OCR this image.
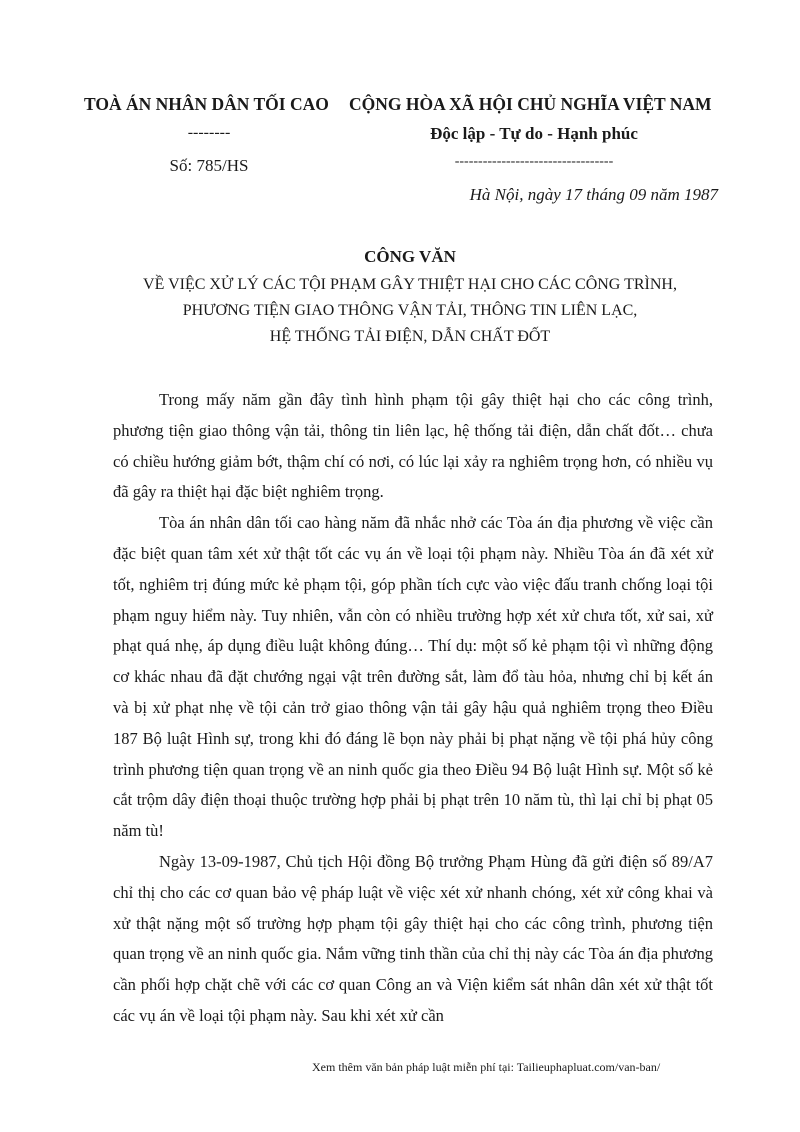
TOÀ ÁN NHÂN DÂN TỐI CAO
--------
Số: 785/HS
CỘNG HÒA XÃ HỘI CHỦ NGHĨA VIỆT NAM
Độc lập - Tự do - Hạnh phúc
----------------------------------
Hà Nội, ngày 17 tháng 09 năm 1987
CÔNG VĂN
VỀ VIỆC XỬ LÝ CÁC TỘI PHẠM GÂY THIỆT HẠI CHO CÁC CÔNG TRÌNH,
PHƯƠNG TIỆN GIAO THÔNG VẬN TẢI, THÔNG TIN LIÊN LẠC,
HỆ THỐNG TẢI ĐIỆN, DẪN CHẤT ĐỐT

Trong mấy năm gần đây tình hình phạm tội gây thiệt hại cho các công trình, phương tiện giao thông vận tải, thông tin liên lạc, hệ thống tải điện, dẫn chất đốt… chưa có chiều hướng giảm bớt, thậm chí có nơi, có lúc lại xảy ra nghiêm trọng hơn, có nhiều vụ đã gây ra thiệt hại đặc biệt nghiêm trọng.

Tòa án nhân dân tối cao hàng năm đã nhắc nhở các Tòa án địa phương về việc cần đặc biệt quan tâm xét xử thật tốt các vụ án về loại tội phạm này. Nhiều Tòa án đã xét xử tốt, nghiêm trị đúng mức kẻ phạm tội, góp phần tích cực vào việc đấu tranh chống loại tội phạm nguy hiểm này. Tuy nhiên, vẫn còn có nhiều trường hợp xét xử chưa tốt, xử sai, xử phạt quá nhẹ, áp dụng điều luật không đúng… Thí dụ: một số kẻ phạm tội vì những động cơ khác nhau đã đặt chướng ngại vật trên đường sắt, làm đổ tàu hỏa, nhưng chỉ bị kết án và bị xử phạt nhẹ về tội cản trở giao thông vận tải gây hậu quả nghiêm trọng theo Điều 187 Bộ luật Hình sự, trong khi đó đáng lẽ bọn này phải bị phạt nặng về tội phá hủy công trình phương tiện quan trọng về an ninh quốc gia theo Điều 94 Bộ luật Hình sự. Một số kẻ cắt trộm dây điện thoại thuộc trường hợp phải bị phạt trên 10 năm tù, thì lại chỉ bị phạt 05 năm tù!

Ngày 13-09-1987, Chủ tịch Hội đồng Bộ trưởng Phạm Hùng đã gửi điện số 89/A7 chỉ thị cho các cơ quan bảo vệ pháp luật về việc xét xử nhanh chóng, xét xử công khai và xử thật nặng một số trường hợp phạm tội gây thiệt hại cho các công trình, phương tiện quan trọng về an ninh quốc gia. Nắm vững tinh thần của chỉ thị này các Tòa án địa phương cần phối hợp chặt chẽ với các cơ quan Công an và Viện kiểm sát nhân dân xét xử thật tốt các vụ án về loại tội phạm này. Sau khi xét xử cần

Xem thêm văn bản pháp luật miễn phí tại: Tailieuphapluat.com/van-ban/
